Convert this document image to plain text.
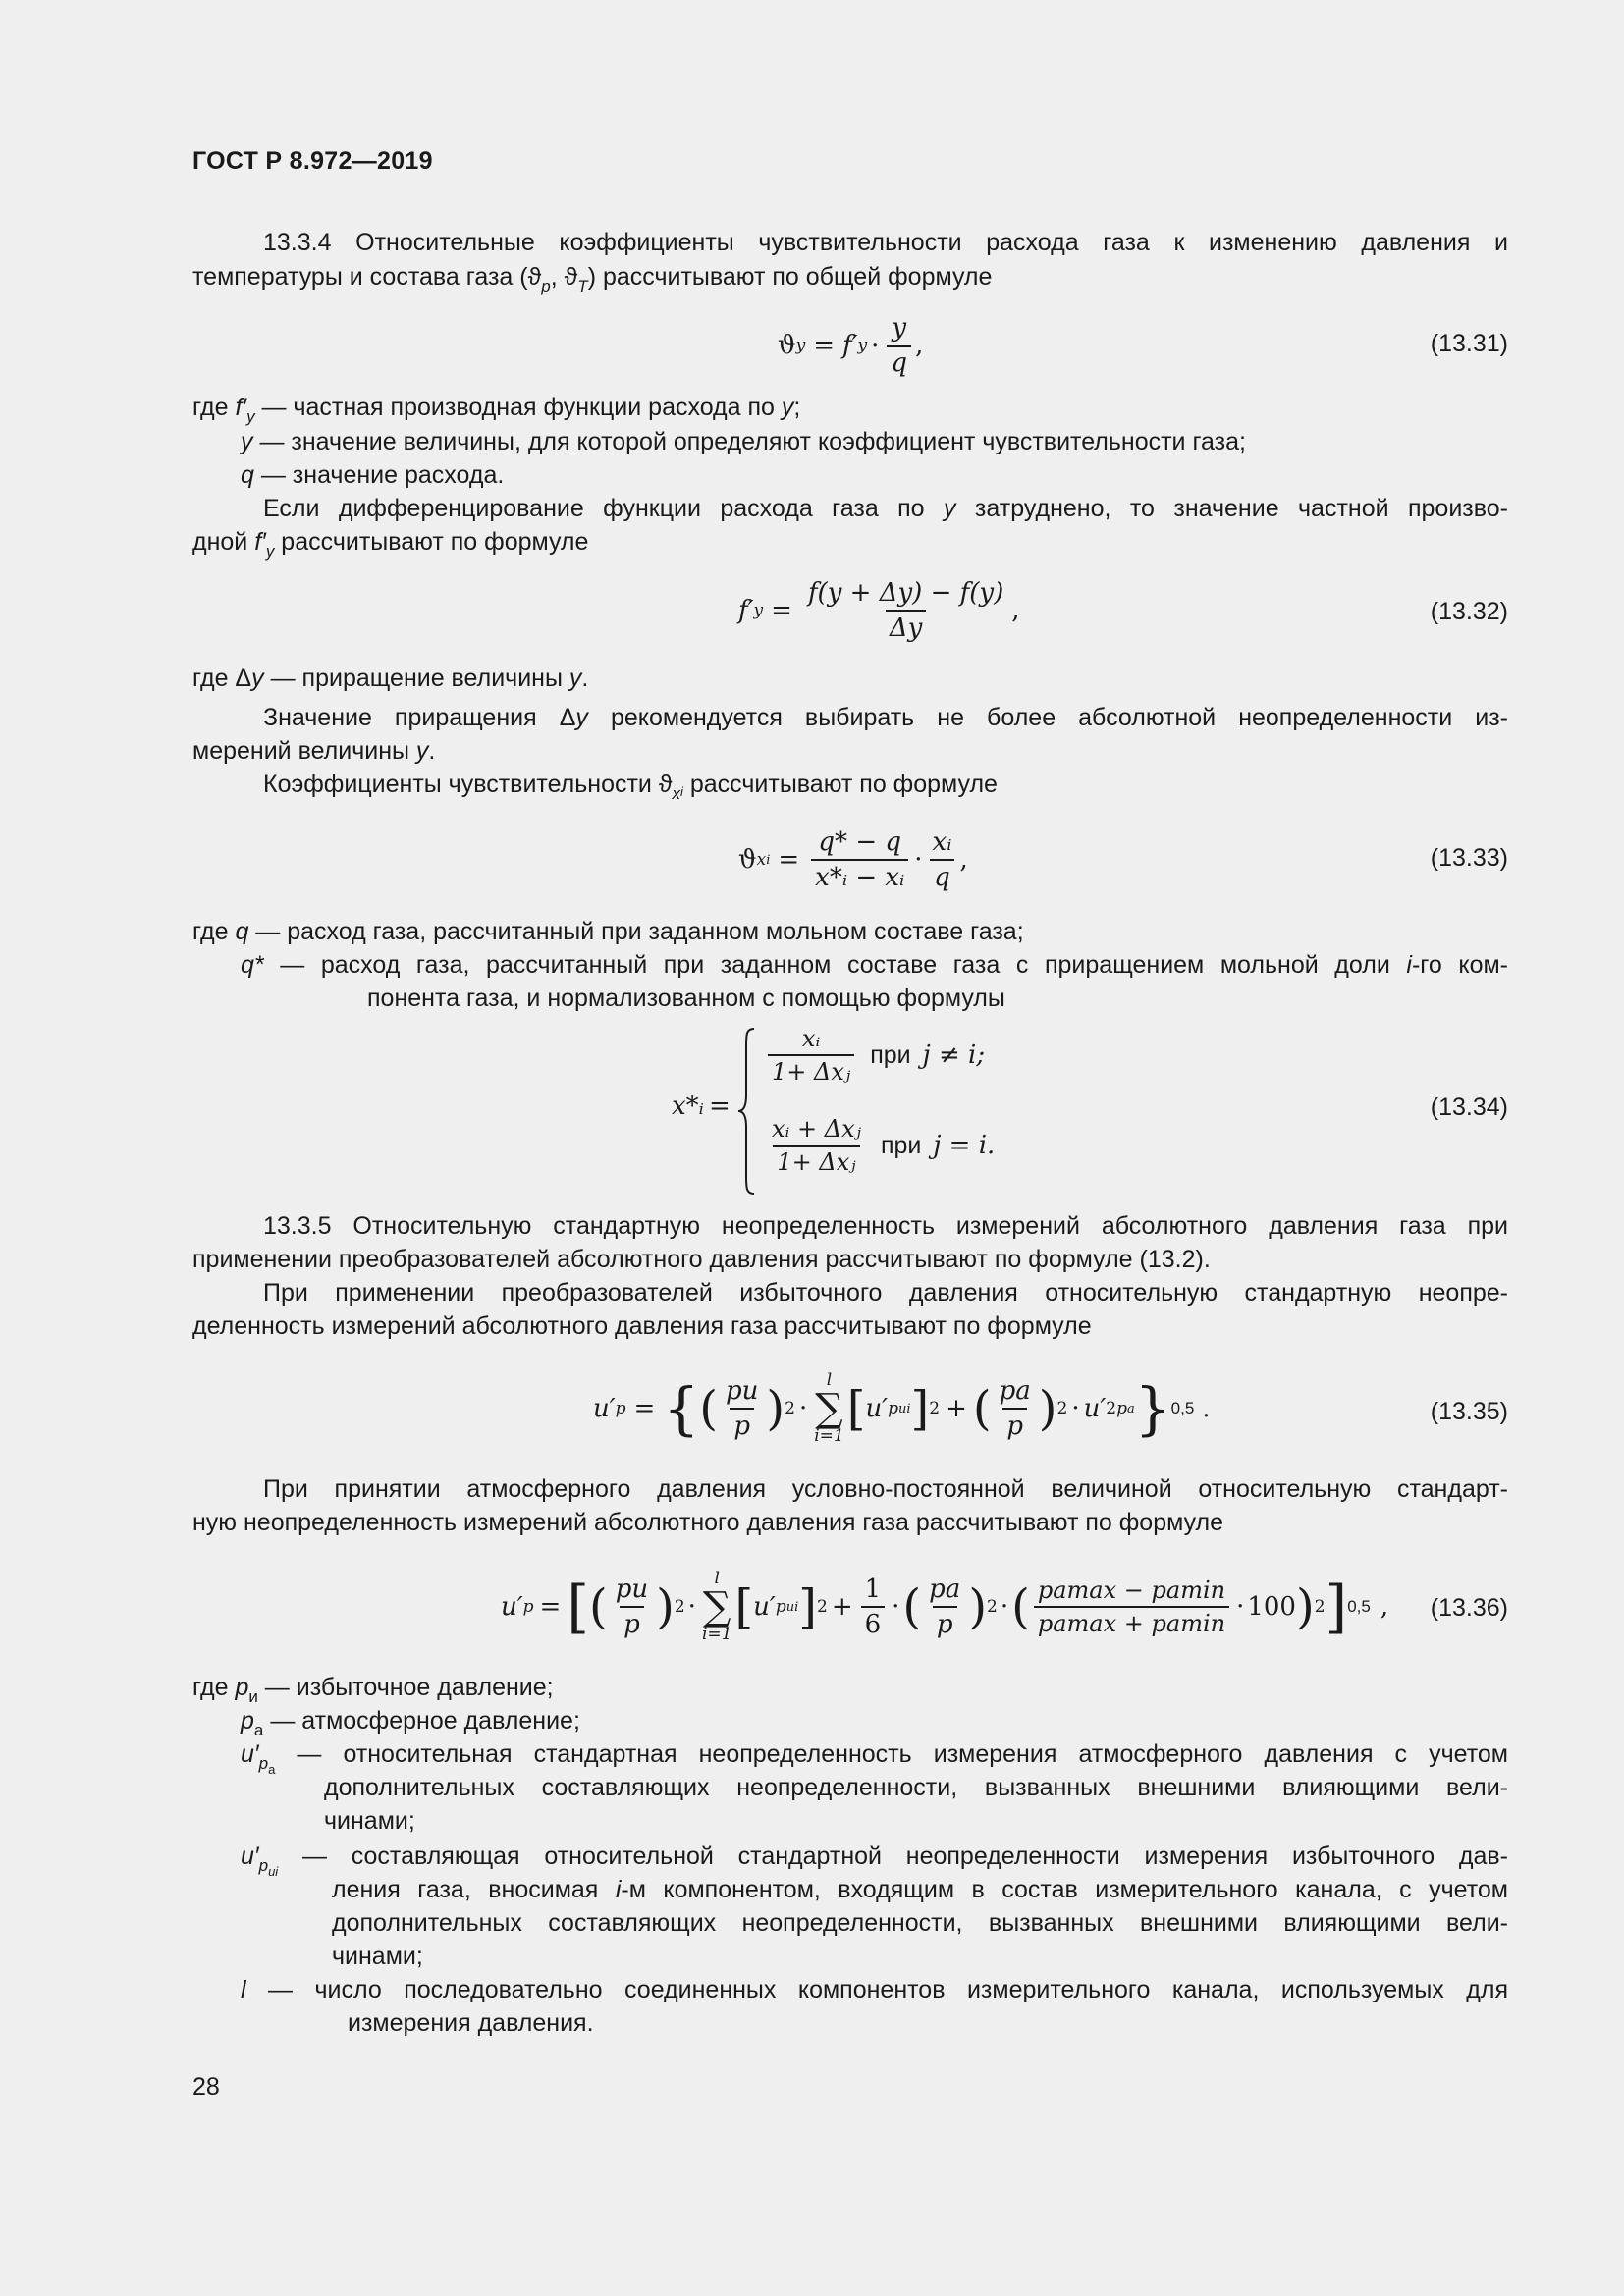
ГОСТ Р 8.972—2019
13.3.4 Относительные коэффициенты чувствительности расхода газа к изменению давления и
температуры и состава газа ($ϑ_p$, $ϑ_T$) рассчитывают по общей формуле
ϑ y = f′ $y \cdot \frac{y}{q}$ ,	(13.31)
где $f'_y$ — частная производная функции расхода по y;
y — значение величины, для которой определяют коэффициент чувствительности газа;
q — значение расхода.
Если дифференцирование функции расхода газа по y затруднено, то значение частной произво-
дной $f'_y$ рассчитывают по формуле
f′ $y = \frac{f(y + \Delta y) - f(y)}{\Delta y}$ ,	(13.32)
где Δy — приращение величины y.
Значение приращения Δy рекомендуется выбирать не более абсолютной неопределенности из-
мерений величины y.
Коэффициенты чувствительности $ϑ_xi$ рассчитывают по формуле
ϑ x $i = \frac{q* - q}{\text{x*ᵢ − xᵢ}} \cdot \frac{\text{xᵢ}}{q}$ ,	(13.33)
где q — расход газа, рассчитанный при заданном мольном составе газа;
q* — расход газа, рассчитанный при заданном составе газа с приращением мольной доли i-го ком-
понента газа, и нормализованном с помощью формулы
x*ᵢ =
$\frac{\text{xᵢ}}{\text{1+ Δxⱼ}}$ при j ≠ i;
$\frac{\text{xᵢ + Δxⱼ}}{\text{1+ Δxⱼ}}$ при j = i.
(13.34)
13.3.5 Относительную стандартную неопределенность измерений абсолютного давления газа при
применении преобразователей абсолютного давления рассчитывают по формуле (13.2).
При применении преобразователей избыточного давления относительную стандартную неопре-
деленность измерений абсолютного давления газа рассчитывают по формуле
u′ p = { ( $\frac{pи}{p}$ ) 2 ·
l
∑
i=1 [ u′ p иi ] 2 + ( $\frac{pа}{p}$ ) 2 · u′ 2 p а } 0,5 .	(13.35)
При принятии атмосферного давления условно-постоянной величиной относительную стандарт-
ную неопределенность измерений абсолютного давления газа рассчитывают по формуле
u′ p = [ ( $\frac{pи}{p}$ ) 2 ·
l
∑
i=1 [ u′ p иi ] $2 + \frac{1}{6}$ · ( $\frac{pа}{p}$ ) 2 · ( $\frac{pа\max - pа\min}{pа\max + pа\min} \cdot 100$ ) 2 ] 0,5 ,	(13.36)
где $p_и$ — избыточное давление;
$p_а$ — атмосферное давление;
$u'_{pа}$ — относительная стандартная неопределенность измерения атмосферного давления с учетом
дополнительных составляющих неопределенности, вызванных внешними влияющими вели-
чинами;
$u'_{pиi}$ — составляющая относительной стандартной неопределенности измерения избыточного дав-
ления газа, вносимая i-м компонентом, входящим в состав измерительного канала, с учетом
дополнительных составляющих неопределенности, вызванных внешними влияющими вели-
чинами;
l — число последовательно соединенных компонентов измерительного канала, используемых для
измерения давления.
28
